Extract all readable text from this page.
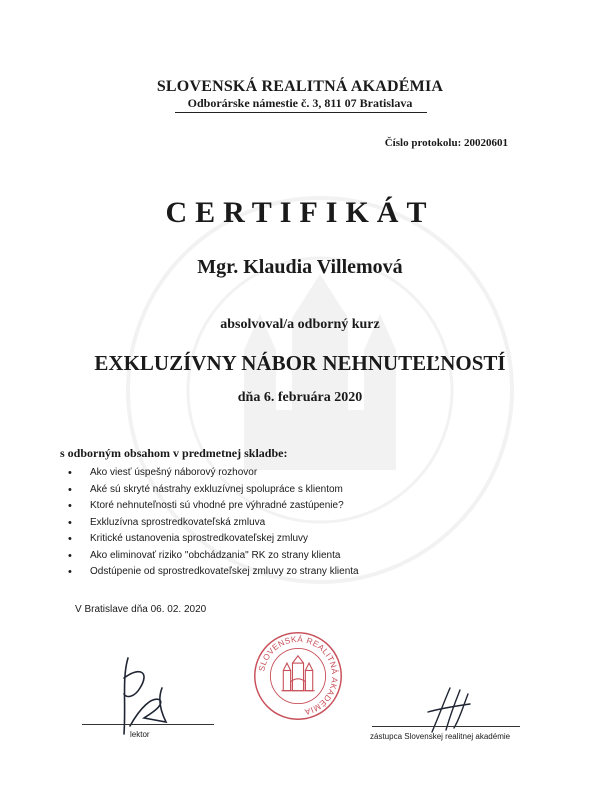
SLOVENSKÁ REALITNÁ AKADÉMIA
Odborárske námestie č. 3, 811 07 Bratislava
Číslo protokolu: 20020601
CERTIFIKÁT
Mgr. Klaudia Villemová
absolvoval/a odborný kurz
EXKLUZÍVNY NÁBOR NEHNUTEĽNOSTÍ
dňa 6. februára 2020
s odborným obsahom v predmetnej skladbe:
• Ako viesť úspešný náborový rozhovor
• Aké sú skryté nástrahy exkluzívnej spolupráce s klientom
• Ktoré nehnuteľnosti sú vhodné pre výhradné zastúpenie?
• Exkluzívna sprostredkovateľská zmluva
• Kritické ustanovenia sprostredkovateľskej zmluvy
• Ako eliminovať riziko "obchádzania" RK zo strany klienta
• Odstúpenie od sprostredkovateľskej zmluvy zo strany klienta
V Bratislave dňa 06. 02. 2020
lektor
SLOVENSKÁ REALITNÁ AKADÉMIA
zástupca Slovenskej realitnej akadémie
